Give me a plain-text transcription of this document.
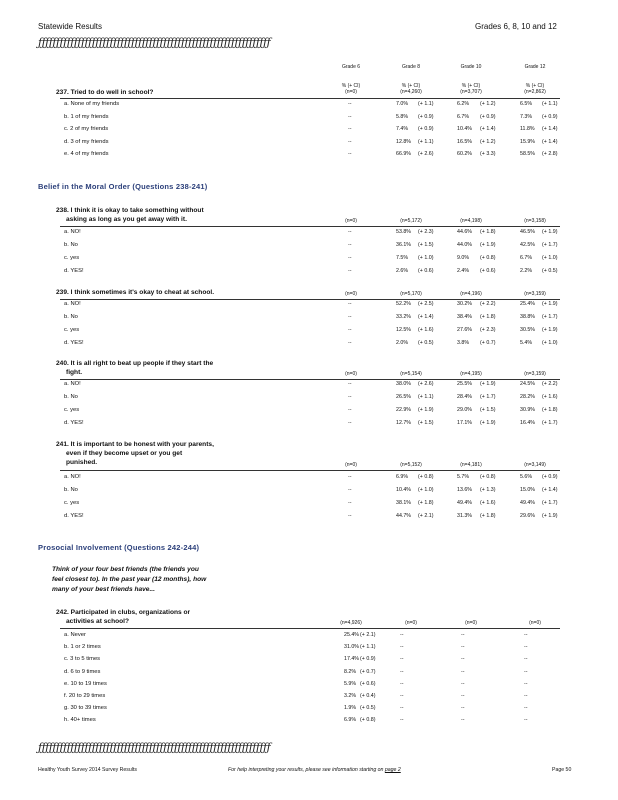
Statewide Results	Grades 6, 8, 10 and 12
ƒƒƒƒƒƒƒƒƒƒƒƒƒƒƒƒƒƒƒƒƒƒƒƒƒƒƒƒƒƒƒƒƒƒƒƒƒƒƒƒƒƒƒƒƒƒƒƒƒƒƒƒƒƒƒƒƒƒƒƒƒƒƒƒƒ
Grade 6	Grade 8	Grade 10	Grade 12
% (+ CI)	% (+ CI)	% (+ CI)	% (+ CI)
237. Tried to do well in school?	(n=0)	(n=4,260)	(n=3,707)	(n=2,862)
a. None of my friends	--	7.0% (+ 1.1)	6.2% (+ 1.2)	6.5% (+ 1.1)
b. 1 of my friends	--	5.8% (+ 0.9)	6.7% (+ 0.9)	7.3% (+ 0.9)
c. 2 of my friends	--	7.4% (+ 0.9)	10.4% (+ 1.4)	11.8% (+ 1.4)
d. 3 of my friends	--	12.8% (+ 1.1)	16.5% (+ 1.2)	15.9% (+ 1.4)
e. 4 of my friends	--	66.9% (+ 2.6)	60.2% (+ 3.3)	58.5% (+ 2.8)
Belief in the Moral Order (Questions 238-241)
238. I think it is okay to take something without
asking as long as you get away with it.	(n=0)	(n=5,172)	(n=4,198)	(n=3,158)
a. NO!	--	53.8% (+ 2.3)	44.6% (+ 1.8)	46.5% (+ 1.9)
b. No	--	36.1% (+ 1.5)	44.0% (+ 1.9)	42.5% (+ 1.7)
c. yes	--	7.5% (+ 1.0)	9.0% (+ 0.8)	6.7% (+ 1.0)
d. YES!	--	2.6% (+ 0.6)	2.4% (+ 0.6)	2.2% (+ 0.5)
239. I think sometimes it's okay to cheat at school.	(n=0)	(n=5,170)	(n=4,196)	(n=3,159)
a. NO!	--	52.2% (+ 2.5)	30.2% (+ 2.2)	25.4% (+ 1.9)
b. No	--	33.2% (+ 1.4)	38.4% (+ 1.8)	38.8% (+ 1.7)
c. yes	--	12.5% (+ 1.6)	27.6% (+ 2.3)	30.5% (+ 1.9)
d. YES!	--	2.0% (+ 0.5)	3.8% (+ 0.7)	5.4% (+ 1.0)
240. It is all right to beat up people if they start the
fight.	(n=0)	(n=5,154)	(n=4,195)	(n=3,159)
a. NO!	--	38.0% (+ 2.6)	25.5% (+ 1.9)	24.5% (+ 2.2)
b. No	--	26.5% (+ 1.1)	28.4% (+ 1.7)	28.2% (+ 1.6)
c. yes	--	22.9% (+ 1.9)	29.0% (+ 1.5)	30.9% (+ 1.8)
d. YES!	--	12.7% (+ 1.5)	17.1% (+ 1.9)	16.4% (+ 1.7)
241. It is important to be honest with your parents,
even if they become upset or you get
punished.	(n=0)	(n=5,152)	(n=4,181)	(n=3,149)
a. NO!	--	6.9% (+ 0.8)	5.7% (+ 0.8)	5.6% (+ 0.9)
b. No	--	10.4% (+ 1.0)	13.6% (+ 1.3)	15.0% (+ 1.4)
c. yes	--	38.1% (+ 1.8)	49.4% (+ 1.6)	49.4% (+ 1.7)
d. YES!	--	44.7% (+ 2.1)	31.3% (+ 1.8)	29.6% (+ 1.9)
Prosocial Involvement (Questions 242-244)
Think of your four best friends (the friends you
feel closest to). In the past year (12 months), how
many of your best friends have...
242. Participated in clubs, organizations or
activities at school?	(n=4,926)	(n=0)	(n=0)	(n=0)
a. Never	25.4% (+ 2.1)	--	--	--
b. 1 or 2 times	31.0% (+ 1.1)	--	--	--
c. 3 to 5 times	17.4% (+ 0.9)	--	--	--
d. 6 to 9 times	8.2% (+ 0.7)	--	--	--
e. 10 to 19 times	5.9% (+ 0.6)	--	--	--
f. 20 to 29 times	3.2% (+ 0.4)	--	--	--
g. 30 to 39 times	1.9% (+ 0.5)	--	--	--
h. 40+ times	6.9% (+ 0.8)	--	--	--
ƒƒƒƒƒƒƒƒƒƒƒƒƒƒƒƒƒƒƒƒƒƒƒƒƒƒƒƒƒƒƒƒƒƒƒƒƒƒƒƒƒƒƒƒƒƒƒƒƒƒƒƒƒƒƒƒƒƒƒƒƒƒƒƒƒ
Healthy Youth Survey 2014 Survey Results	For help interpreting your results, please see information starting on page 2	Page 50
